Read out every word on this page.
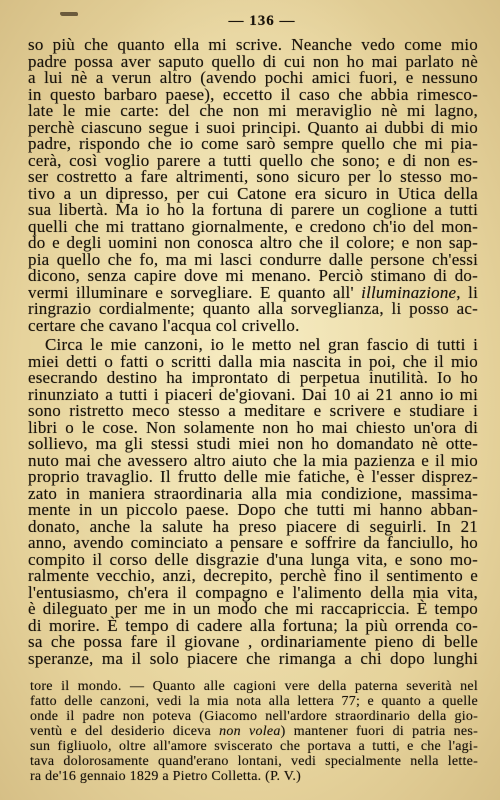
— 136 —
so più che quanto ella mi scrive. Neanche vedo come mio
padre possa aver saputo quello di cui non ho mai parlato nè
a lui nè a verun altro (avendo pochi amici fuori, e nessuno
in questo barbaro paese), eccetto il caso che abbia rimesco-
late le mie carte: del che non mi meraviglio nè mi lagno,
perchè ciascuno segue i suoi principi. Quanto ai dubbi di mio
padre, rispondo che io come sarò sempre quello che mi pia-
cerà, così voglio parere a tutti quello che sono; e di non es-
ser costretto a fare altrimenti, sono sicuro per lo stesso mo-
tivo a un dipresso, per cui Catone era sicuro in Utica della
sua libertà. Ma io ho la fortuna di parere un coglione a tutti
quelli che mi trattano giornalmente, e credono ch'io del mon-
do e degli uomini non conosca altro che il colore; e non sap-
pia quello che fo, ma mi lasci condurre dalle persone ch'essi
dicono, senza capire dove mi menano. Perciò stimano di do-
vermi illuminare e sorvegliare. E quanto all' illuminazione, li
ringrazio cordialmente; quanto alla sorveglianza, li posso ac-
certare che cavano l'acqua col crivello.
Circa le mie canzoni, io le metto nel gran fascio di tutti i
miei detti o fatti o scritti dalla mia nascita in poi, che il mio
esecrando destino ha improntato di perpetua inutilità. Io ho
rinunziato a tutti i piaceri de'giovani. Dai 10 ai 21 anno io mi
sono ristretto meco stesso a meditare e scrivere e studiare i
libri o le cose. Non solamente non ho mai chiesto un'ora di
sollievo, ma gli stessi studi miei non ho domandato nè otte-
nuto mai che avessero altro aiuto che la mia pazienza e il mio
proprio travaglio. Il frutto delle mie fatiche, è l'esser disprez-
zato in maniera straordinaria alla mia condizione, massima-
mente in un piccolo paese. Dopo che tutti mi hanno abban-
donato, anche la salute ha preso piacere di seguirli. In 21
anno, avendo cominciato a pensare e soffrire da fanciullo, ho
compito il corso delle disgrazie d'una lunga vita, e sono mo-
ralmente vecchio, anzi, decrepito, perchè fino il sentimento e
l'entusiasmo, ch'era il compagno e l'alimento della mia vita,
è dileguato per me in un modo che mi raccapriccia. È tempo
di morire. È tempo di cadere alla fortuna; la più orrenda co-
sa che possa fare il giovane , ordinariamente pieno di belle
speranze, ma il solo piacere che rimanga a chi dopo lunghi
tore il mondo. — Quanto alle cagioni vere della paterna severità nel
fatto delle canzoni, vedi la mia nota alla lettera 77; e quanto a quelle
onde il padre non poteva (Giacomo nell'ardore straordinario della gio-
ventù e del desiderio diceva non volea) mantener fuori di patria nes-
sun figliuolo, oltre all'amore sviscerato che portava a tutti, e che l'agi-
tava dolorosamente quand'erano lontani, vedi specialmente nella lette-
ra de'16 gennaio 1829 a Pietro Colletta. (P. V.)
